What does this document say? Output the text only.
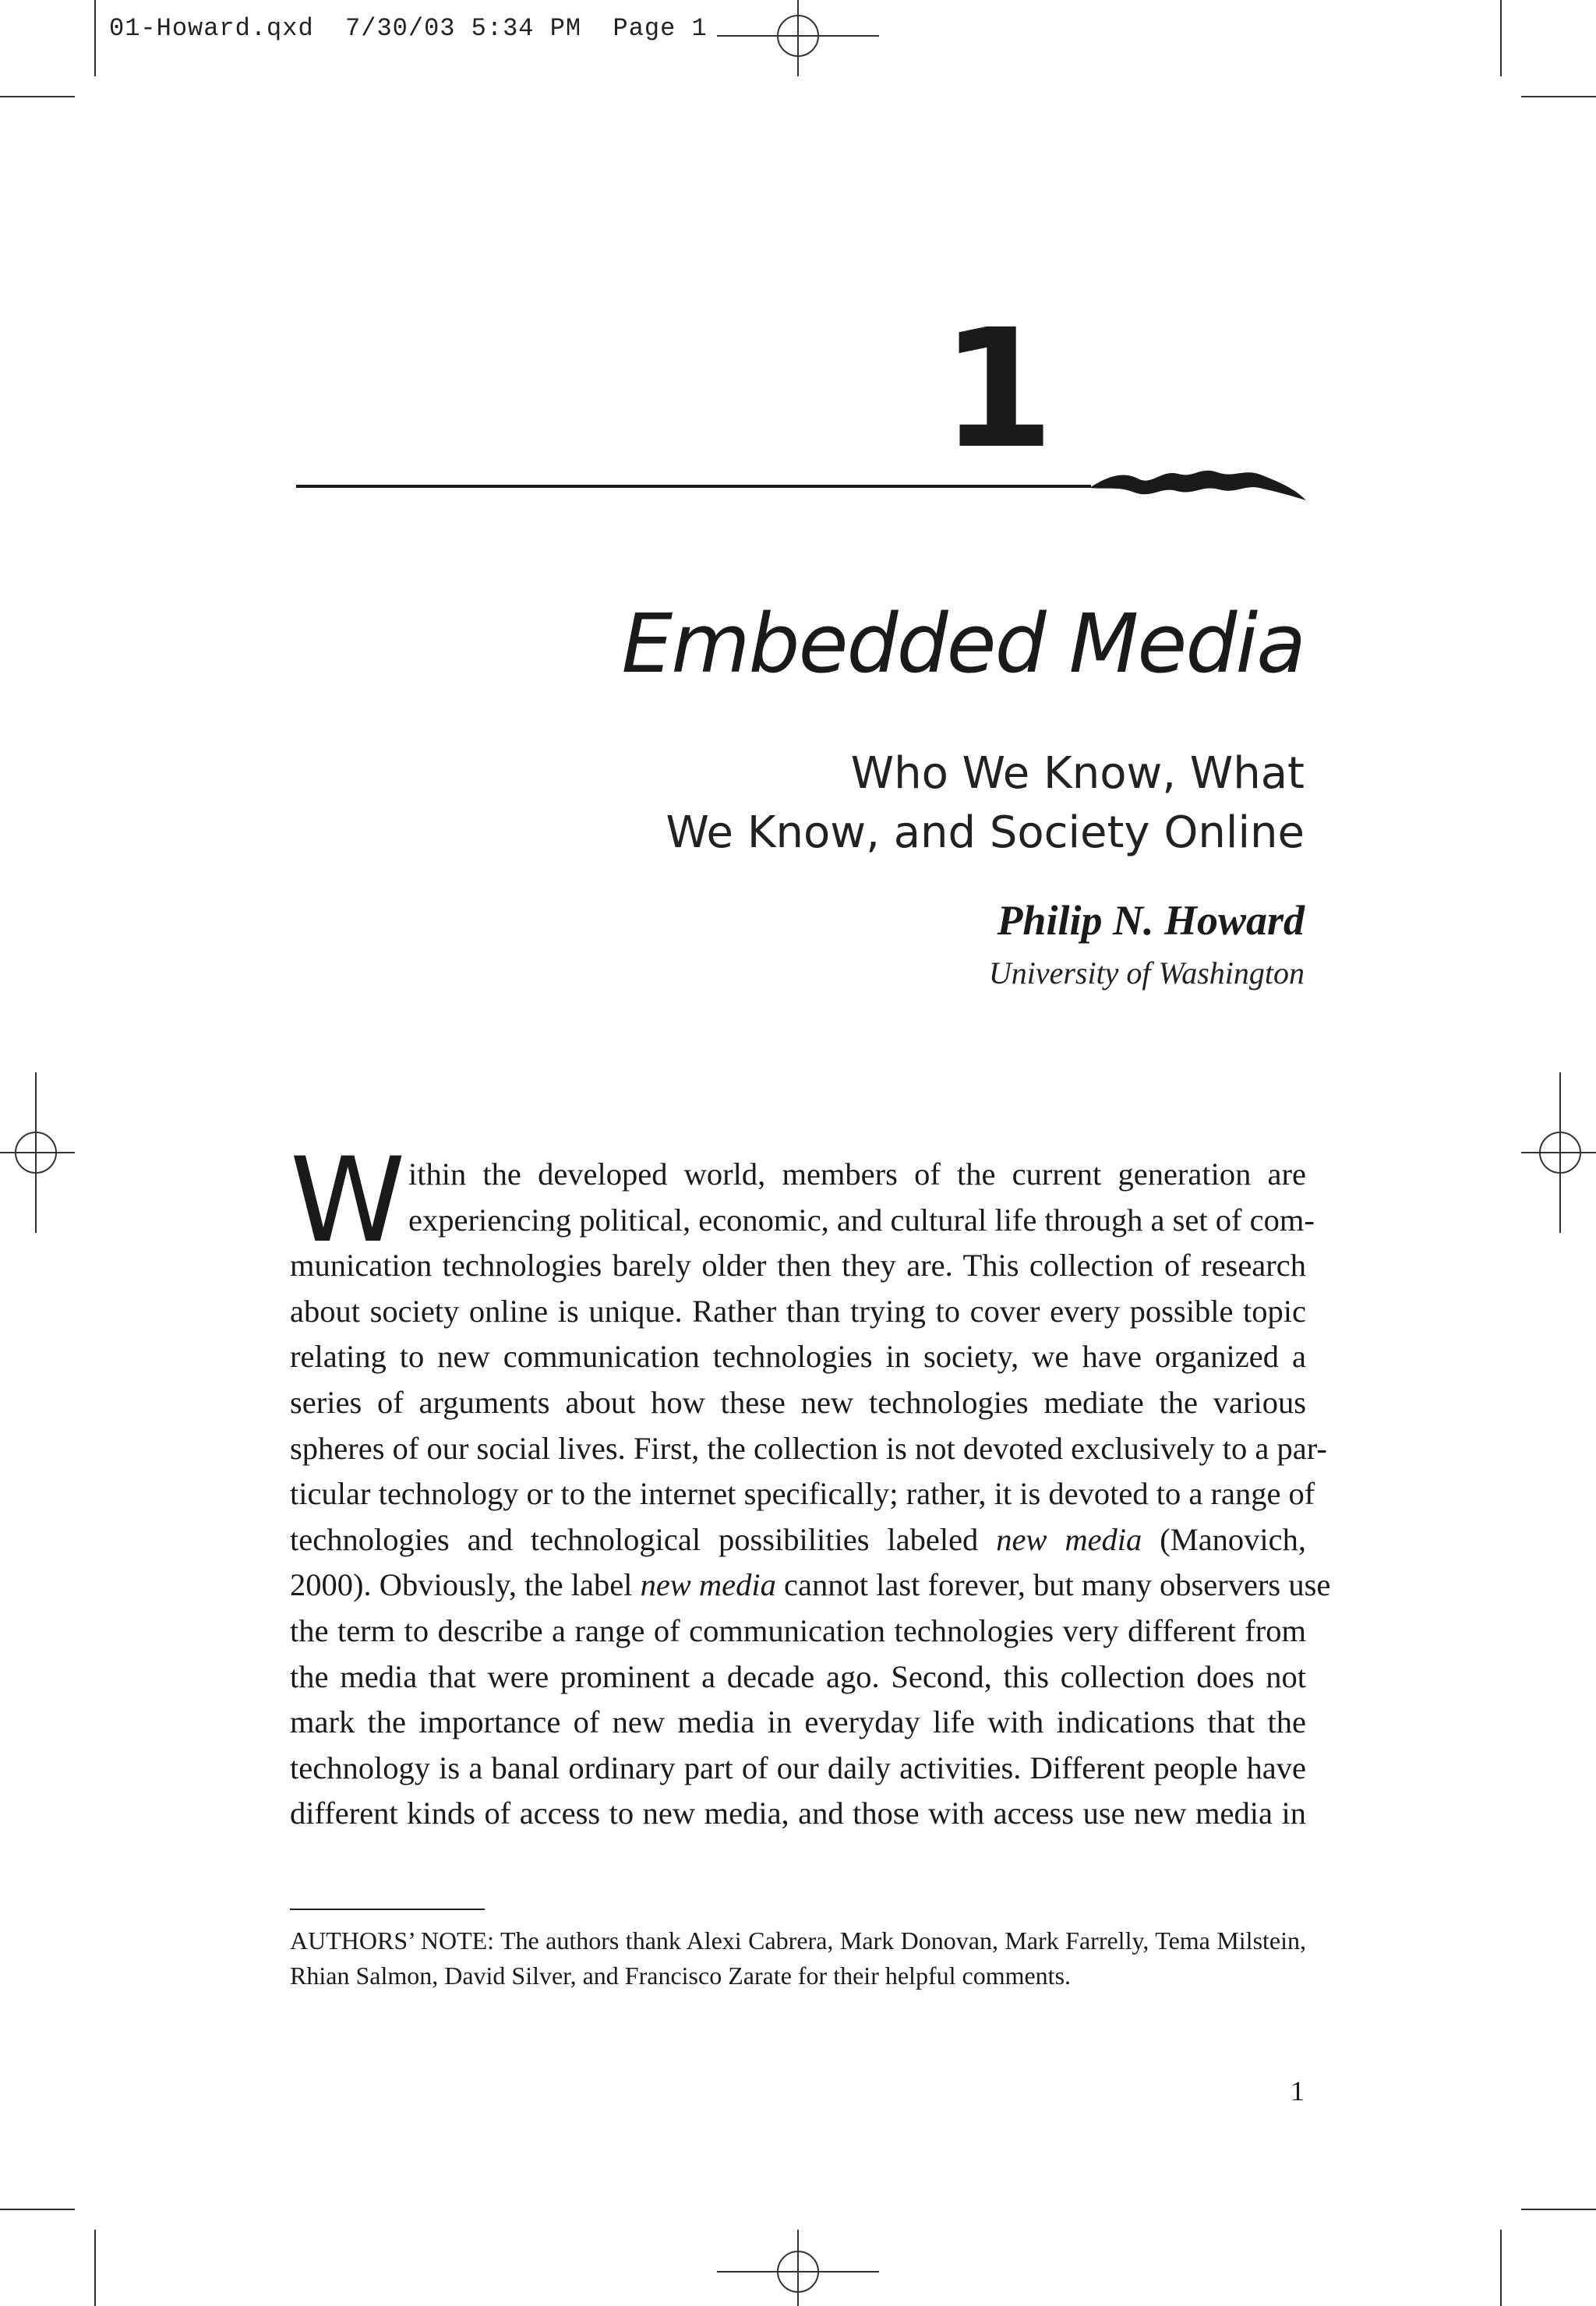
01-Howard.qxd  7/30/03 5:34 PM  Page 1
1
Embedded Media
Who We Know, What
We Know, and Society Online
Philip N. Howard
University of Washington
W ithin the developed world, members of the current generation are
experiencing political, economic, and cultural life through a set of com-
munication technologies barely older then they are. This collection of research
about society online is unique. Rather than trying to cover every possible topic
relating to new communication technologies in society, we have organized a
series of arguments about how these new technologies mediate the various
spheres of our social lives. First, the collection is not devoted exclusively to a par-
ticular technology or to the internet specifically; rather, it is devoted to a range of
technologies and technological possibilities labeled new media (Manovich,
2000). Obviously, the label new media cannot last forever, but many observers use
the term to describe a range of communication technologies very different from
the media that were prominent a decade ago. Second, this collection does not
mark the importance of new media in everyday life with indications that the
technology is a banal ordinary part of our daily activities. Different people have
different kinds of access to new media, and those with access use new media in
AUTHORS’ NOTE: The authors thank Alexi Cabrera, Mark Donovan, Mark Farrelly, Tema Milstein,
Rhian Salmon, David Silver, and Francisco Zarate for their helpful comments.
1
